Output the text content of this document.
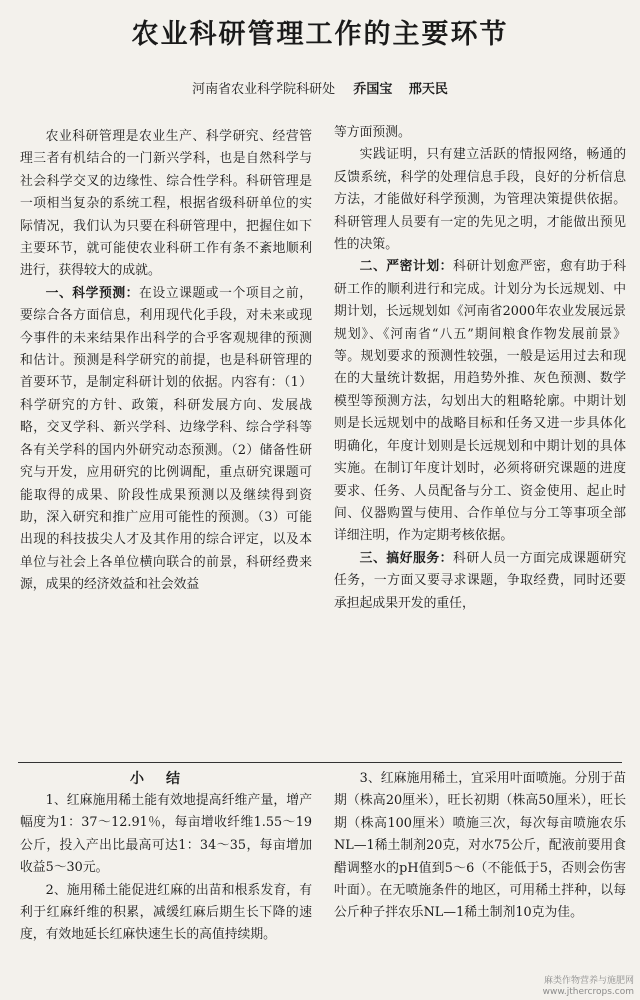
农业科研管理工作的主要环节
河南省农业科学院科研处 乔国宝 邢天民

农业科研管理是农业生产、科学研究、经营管理三者有机结合的一门新兴学科，也是自然科学与社会科学交叉的边缘性、综合性学科。科研管理是一项相当复杂的系统工程，根据省级科研单位的实际情况，我们认为只要在科研管理中，把握住如下主要环节，就可能使农业科研工作有条不紊地顺利进行，获得较大的成就。

一、科学预测：在设立课题或一个项目之前，要综合各方面信息，利用现代化手段，对未来或现今事件的未来结果作出科学的合乎客观规律的预测和估计。预测是科学研究的前提，也是科研管理的首要环节，是制定科研计划的依据。内容有：（1）科学研究的方针、政策，科研发展方向、发展战略，交叉学科、新兴学科、边缘学科、综合学科等各有关学科的国内外研究动态预测。（2）储备性研究与开发，应用研究的比例调配，重点研究课题可能取得的成果、阶段性成果预测以及继续得到资助，深入研究和推广应用可能性的预测。（3）可能出现的科技拔尖人才及其作用的综合评定，以及本单位与社会上各单位横向联合的前景，科研经费来源，成果的经济效益和社会效益

等方面预测。

实践证明，只有建立活跃的情报网络，畅通的反馈系统，科学的处理信息手段，良好的分析信息方法，才能做好科学预测，为管理决策提供依据。科研管理人员要有一定的先见之明，才能做出预见性的决策。

二、严密计划：科研计划愈严密，愈有助于科研工作的顺利进行和完成。计划分为长远规划、中期计划，长远规划如《河南省2000年农业发展远景规划》、《河南省“八五”期间粮食作物发展前景》等。规划要求的预测性较强，一般是运用过去和现在的大量统计数据，用趋势外推、灰色预测、数学模型等预测方法，勾划出大的粗略轮廓。中期计划则是长远规划中的战略目标和任务又进一步具体化明确化，年度计划则是长远规划和中期计划的具体实施。在制订年度计划时，必须将研究课题的进度要求、任务、人员配备与分工、资金使用、起止时间、仪器购置与使用、合作单位与分工等事项全部详细注明，作为定期考核依据。

三、搞好服务：科研人员一方面完成课题研究任务，一方面又要寻求课题，争取经费，同时还要承担起成果开发的重任，

小结

1、红麻施用稀土能有效地提高纤维产量，增产幅度为1：37～12.91％，每亩增收纤维1.55～19公斤，投入产出比最高可达1：34～35，每亩增加收益5～30元。

2、施用稀土能促进红麻的出苗和根系发育，有利于红麻纤维的积累，减缓红麻后期生长下降的速度，有效地延长红麻快速生长的高值持续期。

3、红麻施用稀土，宜采用叶面喷施。分別于苗期（株高20厘米），旺长初期（株高50厘米），旺长期（株高100厘米）喷施三次，每次每亩喷施农乐NL—1稀土制剂20克，对水75公斤，配液前要用食醋调整水的pH值到5～6（不能低于5，否则会伤害叶面）。在无喷施条件的地区，可用稀土拌种，以每公斤种子拌农乐NL—1稀土制剂10克为佳。

麻类作物营养与施肥网
www.jthercrops.com
